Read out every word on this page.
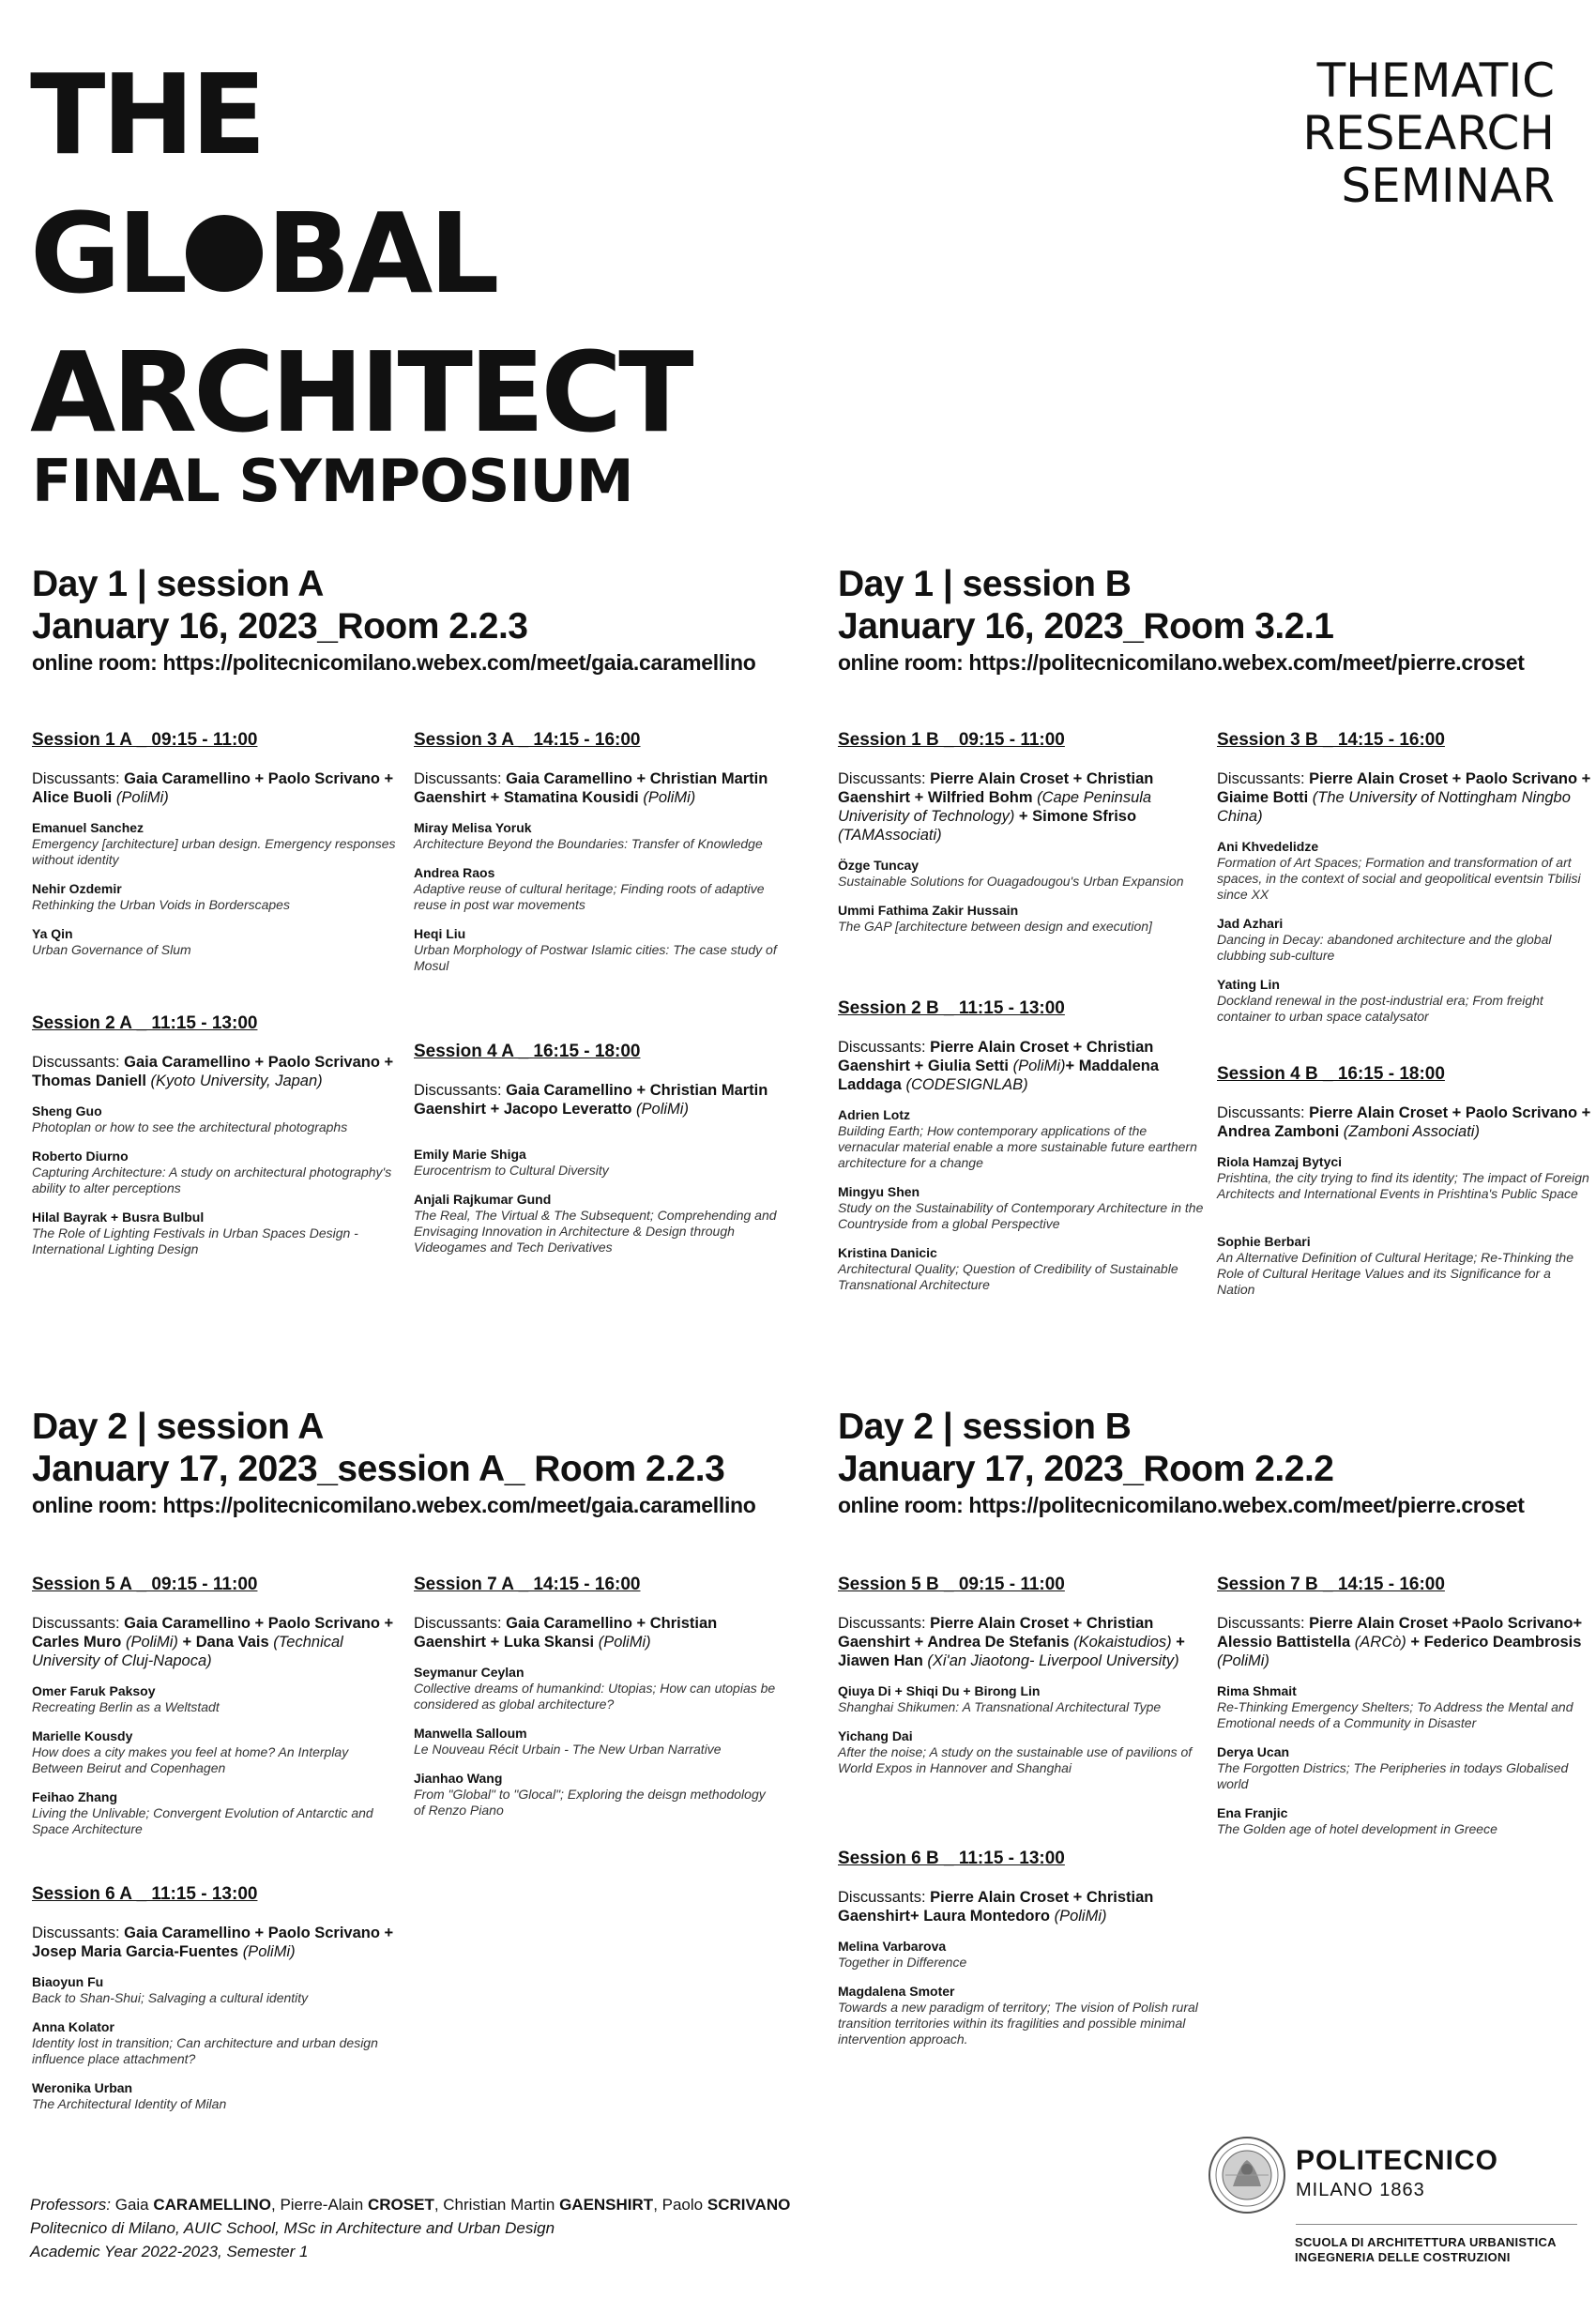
THE
GL BAL
ARCHITECT
FINAL SYMPOSIUM
THEMATIC
RESEARCH
SEMINAR

Day 1 | session A

January 16, 2023_Room 2.2.3

online room: https://politecnicomilano.webex.com/meet/gaia.caramellino

Day 1 | session B

January 16, 2023_Room 3.2.1

online room: https://politecnicomilano.webex.com/meet/pierre.croset

Session 1 A _ 09:15 - 11:00

Discussants: Gaia Caramellino + Paolo Scrivano + Alice Buoli (PoliMi)

Emanuel Sanchez
Emergency [architecture] urban design. Emergency responses without identity
Nehir Ozdemir
Rethinking the Urban Voids in Borderscapes
Ya Qin
Urban Governance of Slum

Session 2 A _ 11:15 - 13:00

Discussants: Gaia Caramellino + Paolo Scrivano + Thomas Daniell (Kyoto University, Japan)

Sheng Guo
Photoplan or how to see the architectural photographs
Roberto Diurno
Capturing Architecture: A study on architectural photography's ability to alter perceptions
Hilal Bayrak + Busra Bulbul
The Role of Lighting Festivals in Urban Spaces Design - International Lighting Design

Session 3 A _ 14:15 - 16:00

Discussants: Gaia Caramellino + Christian Martin Gaenshirt + Stamatina Kousidi (PoliMi)

Miray Melisa Yoruk
Architecture Beyond the Boundaries: Transfer of Knowledge
Andrea Raos
Adaptive reuse of cultural heritage; Finding roots of adaptive reuse in post war movements
Heqi Liu
Urban Morphology of Postwar Islamic cities: The case study of Mosul

Session 4 A _ 16:15 - 18:00

Discussants: Gaia Caramellino + Christian Martin Gaenshirt + Jacopo Leveratto (PoliMi)

Emily Marie Shiga
Eurocentrism to Cultural Diversity
Anjali Rajkumar Gund
The Real, The Virtual & The Subsequent; Comprehending and Envisaging Innovation in Architecture & Design through Videogames and Tech Derivatives

Session 1 B _ 09:15 - 11:00

Discussants: Pierre Alain Croset + Christian Gaenshirt + Wilfried Bohm (Cape Peninsula Univerisity of Technology) + Simone Sfriso (TAMAssociati)

Özge Tuncay
Sustainable Solutions for Ouagadougou's Urban Expansion
Ummi Fathima Zakir Hussain
The GAP [architecture between design and execution]

Session 2 B _ 11:15 - 13:00

Discussants: Pierre Alain Croset + Christian Gaenshirt + Giulia Setti (PoliMi)+ Maddalena Laddaga (CODESIGNLAB)

Adrien Lotz
Building Earth; How contemporary applications of the vernacular material enable a more sustainable future earthern architecture for a change
Mingyu Shen
Study on the Sustainability of Contemporary Architecture in the Countryside from a global Perspective
Kristina Danicic
Architectural Quality; Question of Credibility of Sustainable Transnational Architecture

Session 3 B _ 14:15 - 16:00

Discussants: Pierre Alain Croset + Paolo Scrivano + Giaime Botti (The University of Nottingham Ningbo China)

Ani Khvedelidze
Formation of Art Spaces; Formation and transformation of art spaces, in the context of social and geopolitical eventsin Tbilisi since XX
Jad Azhari
Dancing in Decay: abandoned architecture and the global clubbing sub-culture
Yating Lin
Dockland renewal in the post-industrial era; From freight container to urban space catalysator

Session 4 B _ 16:15 - 18:00

Discussants: Pierre Alain Croset + Paolo Scrivano + Andrea Zamboni (Zamboni Associati)

Riola Hamzaj Bytyci
Prishtina, the city trying to find its identity; The impact of Foreign Architects and International Events in Prishtina's Public Space
Sophie Berbari
An Alternative Definition of Cultural Heritage; Re-Thinking the Role of Cultural Heritage Values and its Significance for a Nation

Day 2 | session A

January 17, 2023_session A_ Room 2.2.3

online room: https://politecnicomilano.webex.com/meet/gaia.caramellino

Day 2 | session B

January 17, 2023_Room 2.2.2

online room: https://politecnicomilano.webex.com/meet/pierre.croset

Session 5 A _ 09:15 - 11:00

Discussants: Gaia Caramellino + Paolo Scrivano + Carles Muro (PoliMi) + Dana Vais (Technical University of Cluj-Napoca)

Omer Faruk Paksoy
Recreating Berlin as a Weltstadt
Marielle Kousdy
How does a city makes you feel at home? An Interplay Between Beirut and Copenhagen
Feihao Zhang
Living the Unlivable; Convergent Evolution of Antarctic and Space Architecture

Session 6 A _ 11:15 - 13:00

Discussants: Gaia Caramellino + Paolo Scrivano + Josep Maria Garcia-Fuentes (PoliMi)

Biaoyun Fu
Back to Shan-Shui; Salvaging a cultural identity
Anna Kolator
Identity lost in transition; Can architecture and urban design influence place attachment?
Weronika Urban
The Architectural Identity of Milan

Session 7 A _ 14:15 - 16:00

Discussants: Gaia Caramellino + Christian Gaenshirt + Luka Skansi (PoliMi)

Seymanur Ceylan
Collective dreams of humankind: Utopias; How can utopias be considered as global architecture?
Manwella Salloum
Le Nouveau Récit Urbain - The New Urban Narrative
Jianhao Wang
From "Global" to "Glocal"; Exploring the deisgn methodology of Renzo Piano

Session 5 B _ 09:15 - 11:00

Discussants: Pierre Alain Croset + Christian Gaenshirt + Andrea De Stefanis (Kokaistudios) + Jiawen Han (Xi'an Jiaotong- Liverpool University)

Qiuya Di + Shiqi Du + Birong Lin
Shanghai Shikumen: A Transnational Architectural Type
Yichang Dai
After the noise; A study on the sustainable use of pavilions of World Expos in Hannover and Shanghai

Session 6 B _ 11:15 - 13:00

Discussants: Pierre Alain Croset + Christian Gaenshirt+ Laura Montedoro (PoliMi)

Melina Varbarova
Together in Difference
Magdalena Smoter
Towards a new paradigm of territory; The vision of Polish rural transition territories within its fragilities and possible minimal intervention approach.

Session 7 B _ 14:15 - 16:00

Discussants: Pierre Alain Croset +Paolo Scrivano+ Alessio Battistella (ARCò) + Federico Deambrosis (PoliMi)

Rima Shmait
Re-Thinking Emergency Shelters; To Address the Mental and Emotional needs of a Community in Disaster
Derya Ucan
The Forgotten Districs; The Peripheries in todays Globalised world
Ena Franjic
The Golden age of hotel development in Greece
Professors: Gaia CARAMELLINO, Pierre-Alain CROSET, Christian Martin GAENSHIRT, Paolo SCRIVANO
Politecnico di Milano, AUIC School, MSc in Architecture and Urban Design
Academic Year 2022-2023, Semester 1
POLITECNICO
MILANO 1863
SCUOLA DI ARCHITETTURA URBANISTICA
INGEGNERIA DELLE COSTRUZIONI
